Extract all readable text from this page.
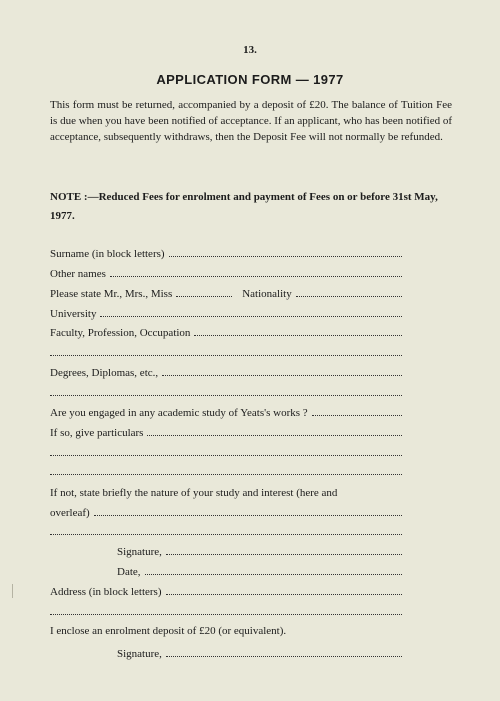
13.
APPLICATION FORM — 1977
This form must be returned, accompanied by a deposit of £20. The balance of Tuition Fee is due when you have been notified of acceptance. If an applicant, who has been notified of acceptance, subsequently withdraws, then the Deposit Fee will not normally be refunded.
NOTE :—Reduced Fees for enrolment and payment of Fees on or before 31st May, 1977.
Surname (in block letters)
Other names
Please state Mr., Mrs., Miss	Nationality
University
Faculty, Profession, Occupation
Degrees, Diplomas, etc.,
Are you engaged in any academic study of Yeats's works ?
If so, give particulars
If not, state briefly the nature of your study and interest (here and
overleaf)
Signature,
Date,
Address (in block letters)
I enclose an enrolment deposit of £20 (or equivalent).
Signature,
